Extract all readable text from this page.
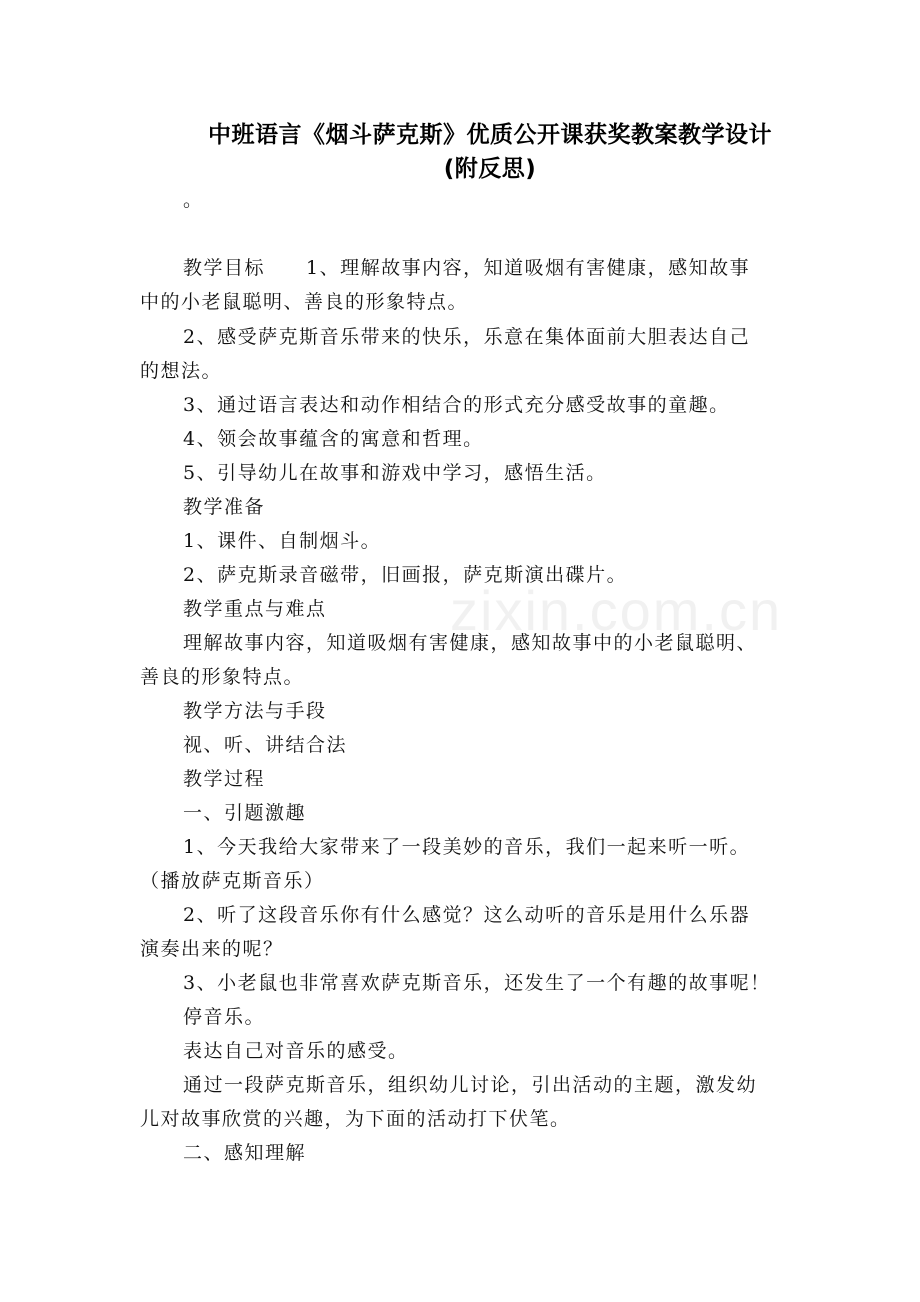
zixin.com.cn
中班语言《烟斗萨克斯》优质公开课获奖教案教学设计
(附反思)
。
教学目标　　1、理解故事内容，知道吸烟有害健康，感知故事
中的小老鼠聪明、善良的形象特点。
2、感受萨克斯音乐带来的快乐，乐意在集体面前大胆表达自己
的想法。
3、通过语言表达和动作相结合的形式充分感受故事的童趣。
4、领会故事蕴含的寓意和哲理。
5、引导幼儿在故事和游戏中学习，感悟生活。
教学准备
1、课件、自制烟斗。
2、萨克斯录音磁带，旧画报，萨克斯演出碟片。
教学重点与难点
理解故事内容，知道吸烟有害健康，感知故事中的小老鼠聪明、
善良的形象特点。
教学方法与手段
视、听、讲结合法
教学过程
一、引题激趣
1、今天我给大家带来了一段美妙的音乐，我们一起来听一听。
（播放萨克斯音乐）
2、听了这段音乐你有什么感觉？这么动听的音乐是用什么乐器
演奏出来的呢？
3、小老鼠也非常喜欢萨克斯音乐，还发生了一个有趣的故事呢！
停音乐。
表达自己对音乐的感受。
通过一段萨克斯音乐，组织幼儿讨论，引出活动的主题，激发幼
儿对故事欣赏的兴趣，为下面的活动打下伏笔。
二、感知理解
